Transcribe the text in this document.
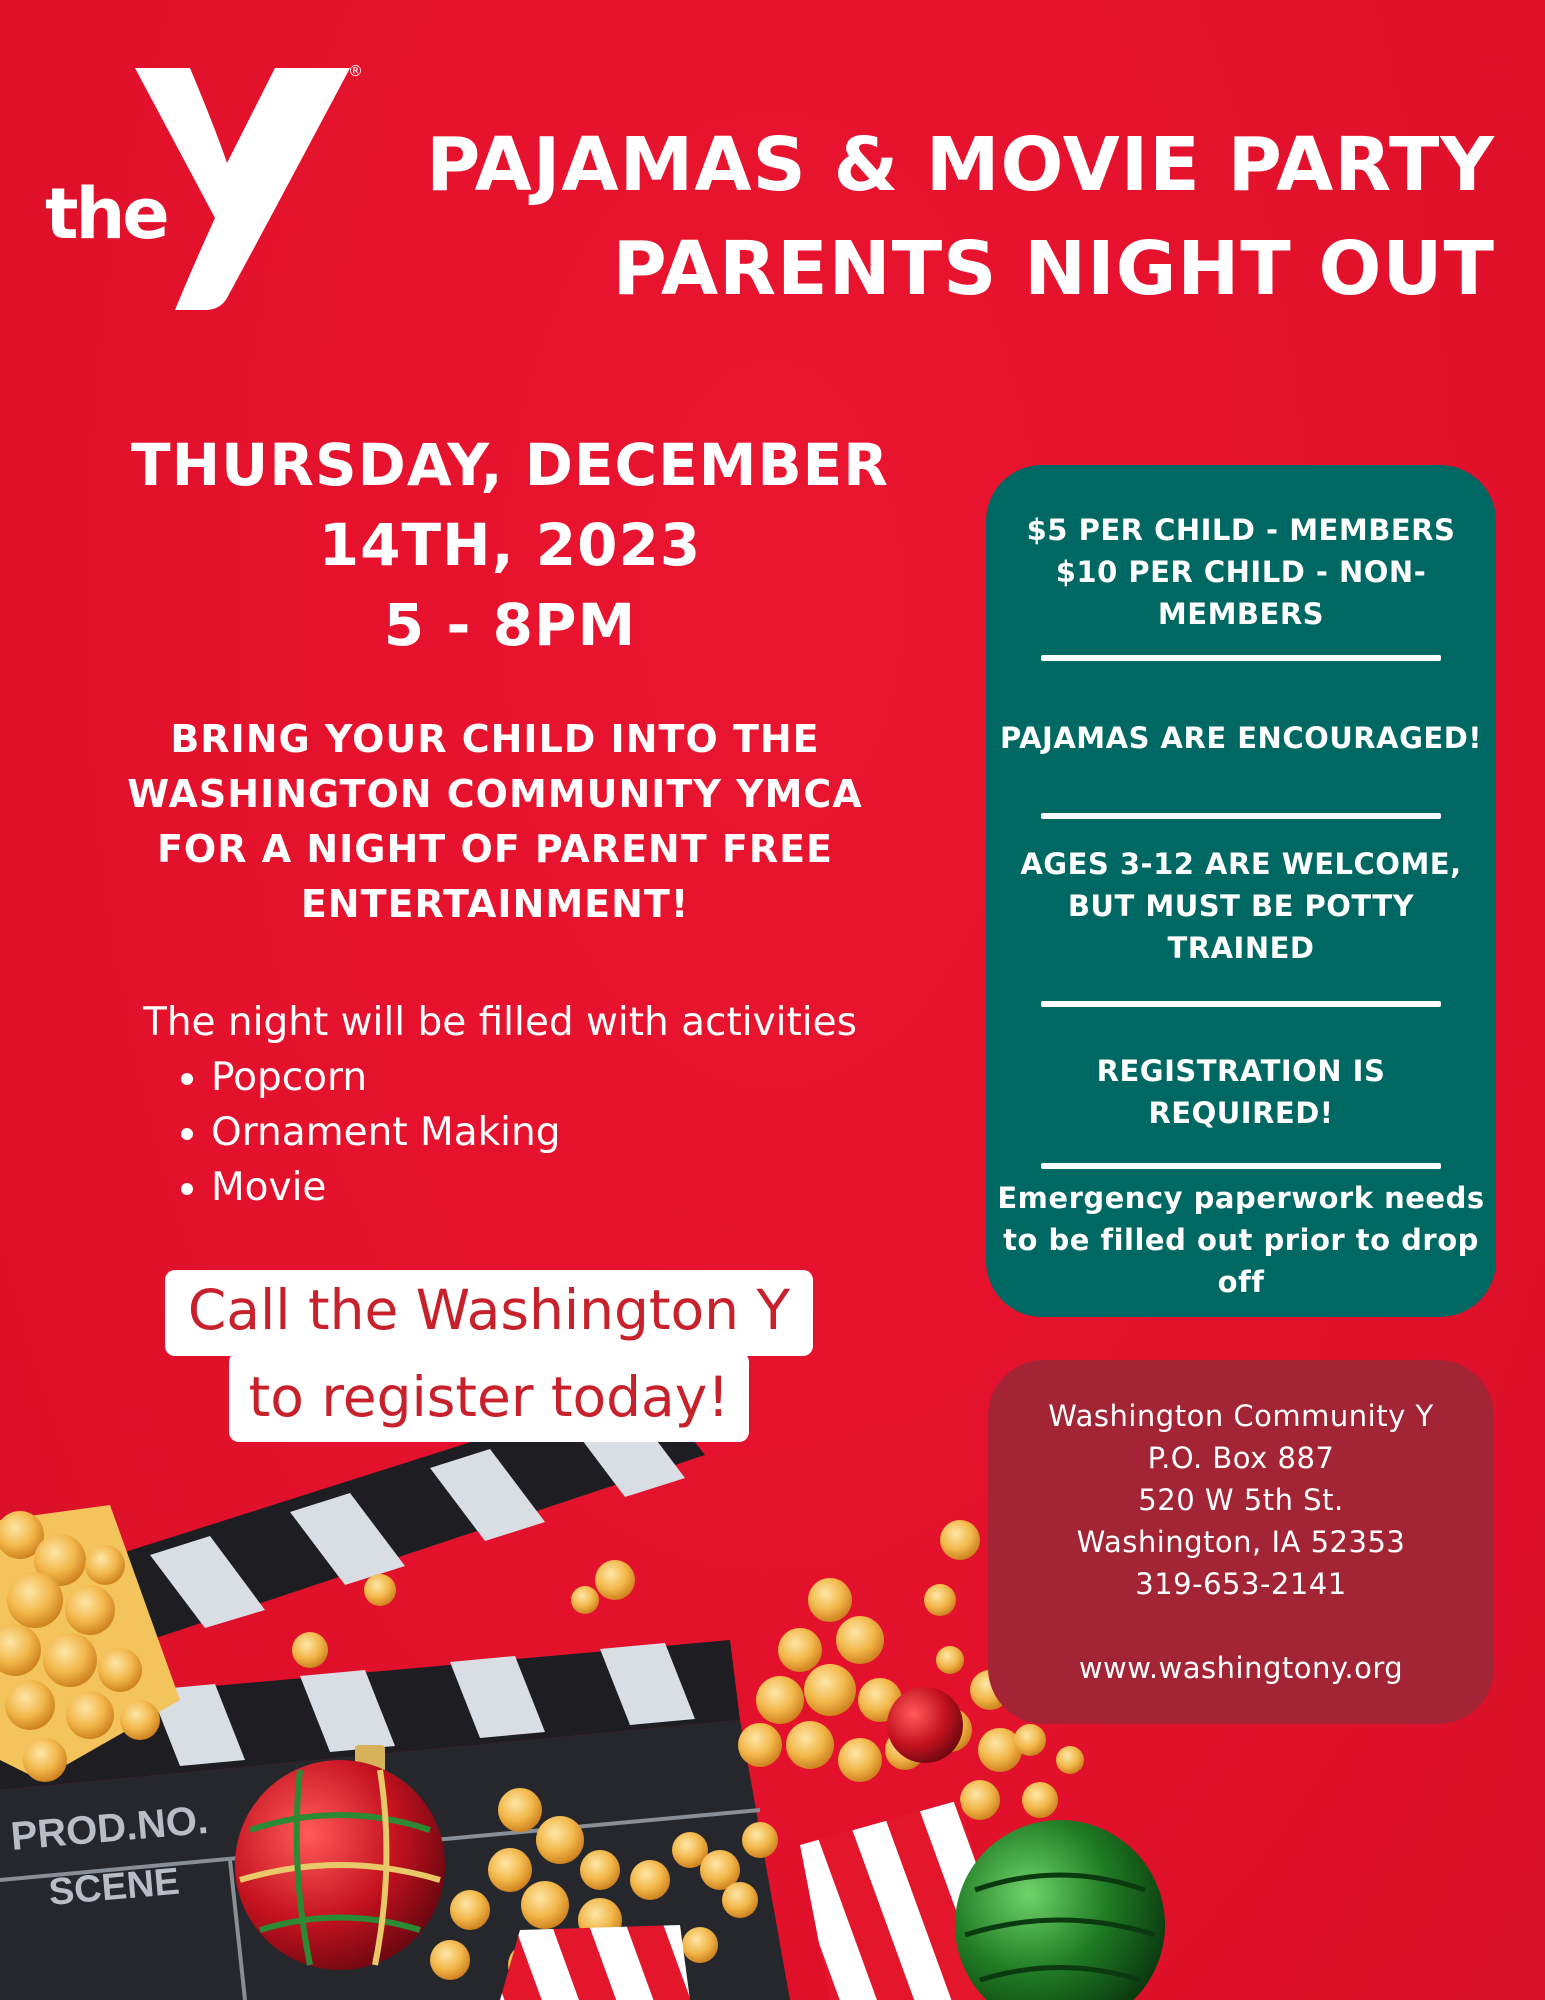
PROD.NO.
SCENE
the
®
YMCA
PAJAMAS & MOVIE PARTY
PARENTS NIGHT OUT
THURSDAY, DECEMBER
14TH, 2023
5 - 8PM
BRING YOUR CHILD INTO THE
WASHINGTON COMMUNITY YMCA
FOR A NIGHT OF PARENT FREE
ENTERTAINMENT!
The night will be filled with activities
• Popcorn
• Ornament Making
• Movie
Call the Washington Y
to register today!
$5 PER CHILD - MEMBERS
$10 PER CHILD - NON-
MEMBERS
PAJAMAS ARE ENCOURAGED!
AGES 3-12 ARE WELCOME,
BUT MUST BE POTTY
TRAINED
REGISTRATION IS
REQUIRED!
Emergency paperwork needs
to be filled out prior to drop
off
Washington Community Y
P.O. Box 887
520 W 5th St.
Washington, IA 52353
319-653-2141
www.washingtony.org
